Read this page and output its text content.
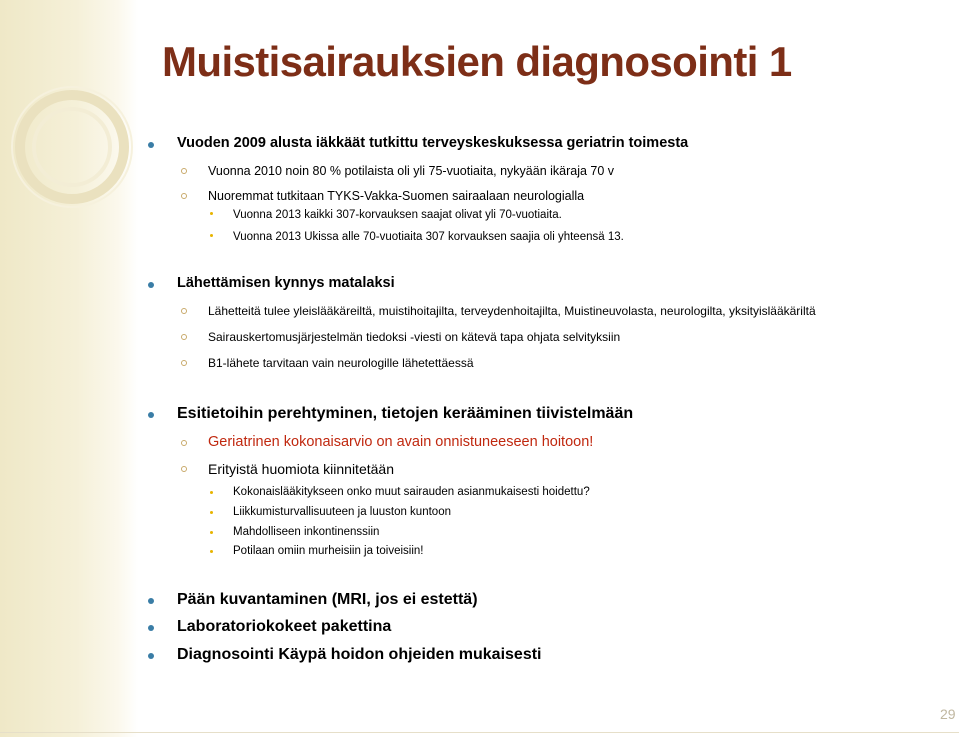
Muistisairauksien diagnosointi 1
Vuoden 2009 alusta iäkkäät tutkittu terveyskeskuksessa geriatrin toimesta
Vuonna 2010 noin 80 % potilaista oli yli 75-vuotiaita, nykyään ikäraja 70 v
Nuoremmat tutkitaan TYKS-Vakka-Suomen sairaalaan neurologialla
Vuonna 2013 kaikki 307-korvauksen saajat olivat yli 70-vuotiaita.
Vuonna 2013 Ukissa alle 70-vuotiaita 307 korvauksen saajia oli yhteensä 13.
Lähettämisen kynnys matalaksi
Lähetteitä tulee yleislääkäreiltä, muistihoitajilta, terveydenhoitajilta, Muistineuvolasta, neurologilta, yksityislääkäriltä
Sairauskertomusjärjestelmän tiedoksi -viesti on kätevä tapa ohjata selvityksiin
B1-lähete tarvitaan vain neurologille lähetettäessä
Esitietoihin perehtyminen, tietojen kerääminen tiivistelmään
Geriatrinen kokonaisarvio on avain onnistuneeseen hoitoon!
Erityistä huomiota kiinnitetään
Kokonaislääkitykseen onko muut sairauden asianmukaisesti hoidettu?
Liikkumisturvallisuuteen ja luuston kuntoon
Mahdolliseen inkontinenssiin
Potilaan omiin murheisiin ja toiveisiin!
Pään kuvantaminen (MRI, jos ei estettä)
Laboratoriokokeet pakettina
Diagnosointi Käypä hoidon ohjeiden mukaisesti
29
